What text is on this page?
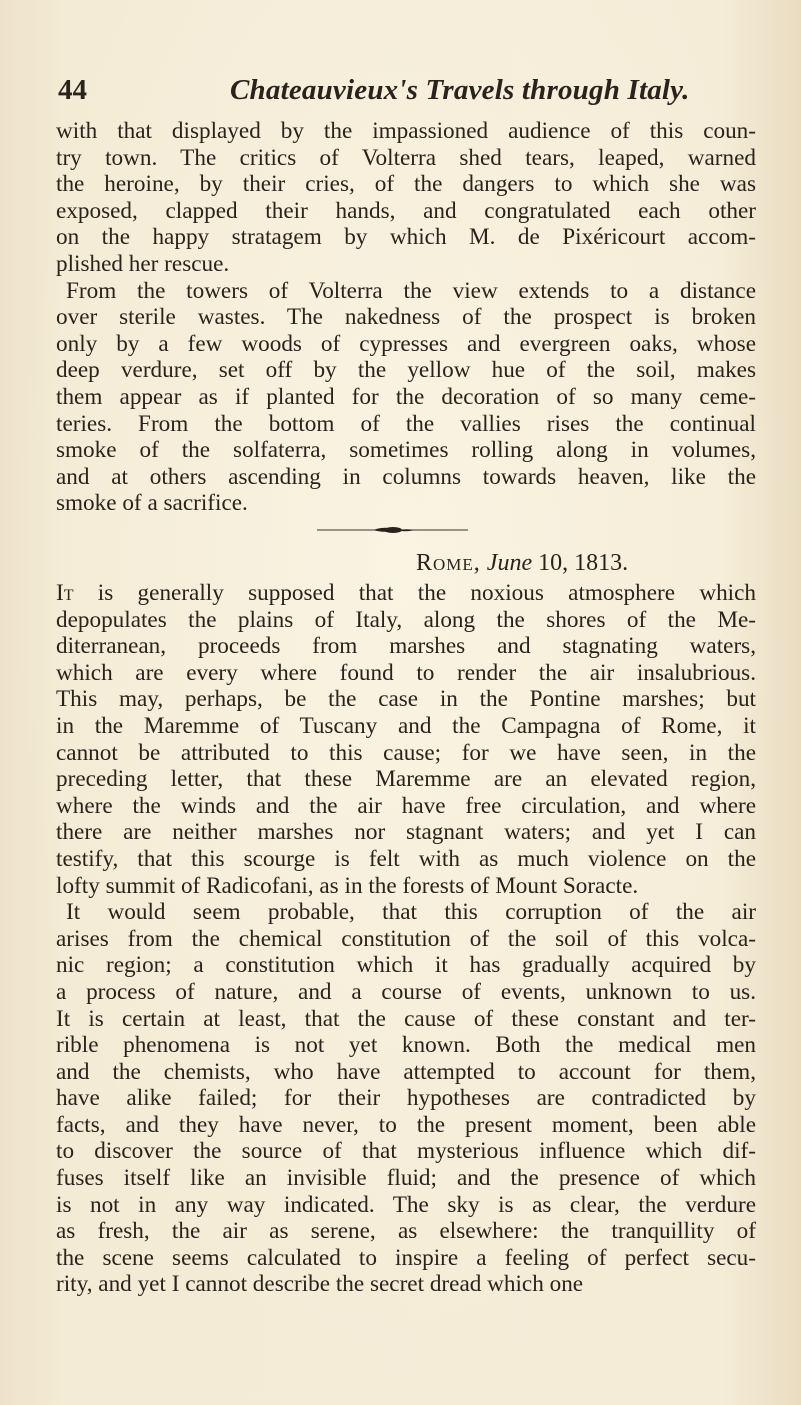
44	Chateauvieux's Travels through Italy.
with that displayed by the impassioned audience of this coun-
try town. The critics of Volterra shed tears, leaped, warned
the heroine, by their cries, of the dangers to which she was
exposed, clapped their hands, and congratulated each other
on the happy stratagem by which M. de Pixéricourt accom-
plished her rescue.
From the towers of Volterra the view extends to a distance
over sterile wastes. The nakedness of the prospect is broken
only by a few woods of cypresses and evergreen oaks, whose
deep verdure, set off by the yellow hue of the soil, makes
them appear as if planted for the decoration of so many ceme-
teries. From the bottom of the vallies rises the continual
smoke of the solfaterra, sometimes rolling along in volumes,
and at others ascending in columns towards heaven, like the
smoke of a sacrifice.
Rome, June 10, 1813.
It is generally supposed that the noxious atmosphere which
depopulates the plains of Italy, along the shores of the Me-
diterranean, proceeds from marshes and stagnating waters,
which are every where found to render the air insalubrious.
This may, perhaps, be the case in the Pontine marshes; but
in the Maremme of Tuscany and the Campagna of Rome, it
cannot be attributed to this cause; for we have seen, in the
preceding letter, that these Maremme are an elevated region,
where the winds and the air have free circulation, and where
there are neither marshes nor stagnant waters; and yet I can
testify, that this scourge is felt with as much violence on the
lofty summit of Radicofani, as in the forests of Mount Soracte.
It would seem probable, that this corruption of the air
arises from the chemical constitution of the soil of this volca-
nic region; a constitution which it has gradually acquired by
a process of nature, and a course of events, unknown to us.
It is certain at least, that the cause of these constant and ter-
rible phenomena is not yet known. Both the medical men
and the chemists, who have attempted to account for them,
have alike failed; for their hypotheses are contradicted by
facts, and they have never, to the present moment, been able
to discover the source of that mysterious influence which dif-
fuses itself like an invisible fluid; and the presence of which
is not in any way indicated. The sky is as clear, the verdure
as fresh, the air as serene, as elsewhere: the tranquillity of
the scene seems calculated to inspire a feeling of perfect secu-
rity, and yet I cannot describe the secret dread which one
